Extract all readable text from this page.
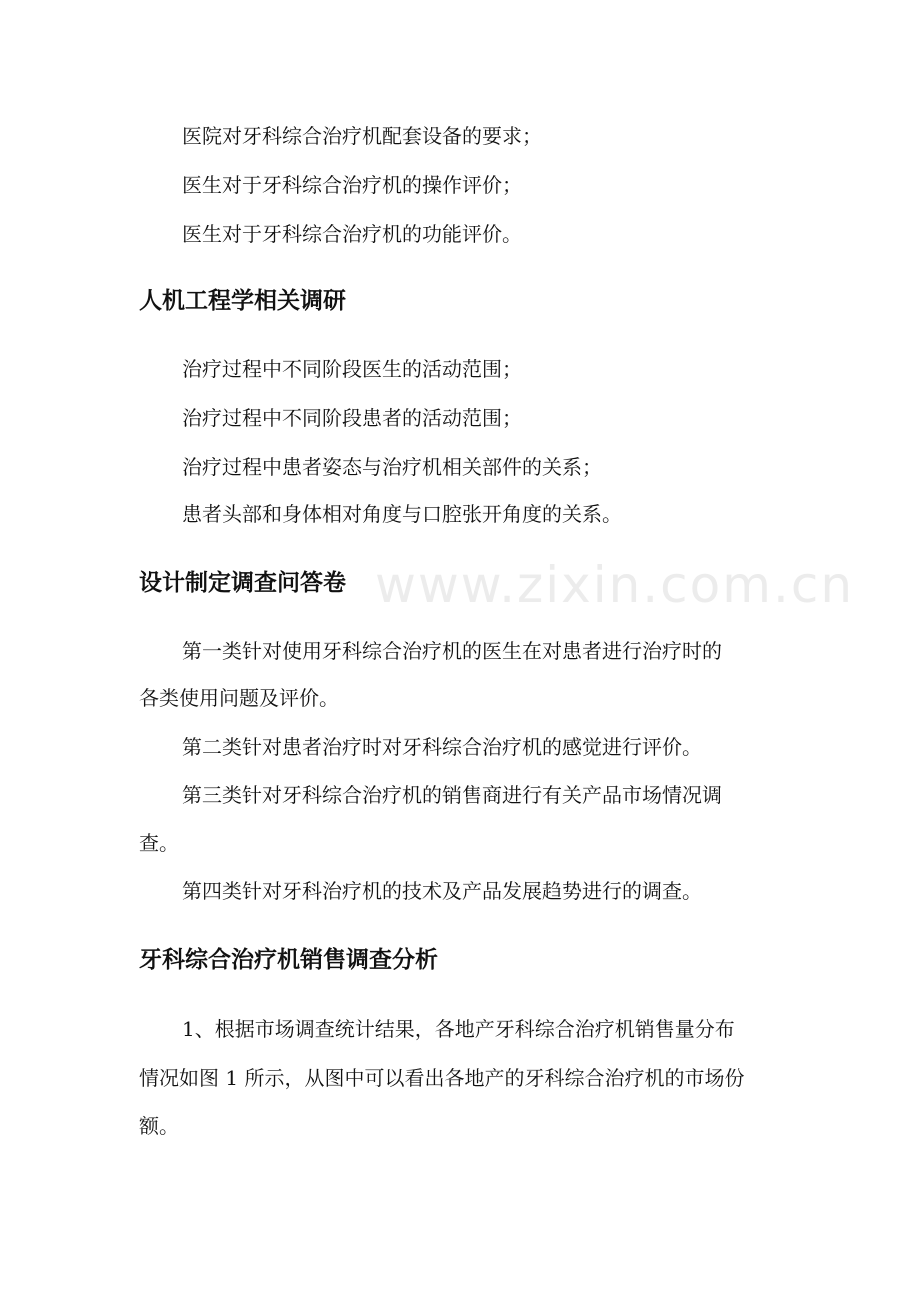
www.zixin.com.cn

医院对牙科综合治疗机配套设备的要求；

医生对于牙科综合治疗机的操作评价；

医生对于牙科综合治疗机的功能评价。

人机工程学相关调研

治疗过程中不同阶段医生的活动范围；

治疗过程中不同阶段患者的活动范围；

治疗过程中患者姿态与治疗机相关部件的关系；

患者头部和身体相对角度与口腔张开角度的关系。

设计制定调查问答卷

第一类针对使用牙科综合治疗机的医生在对患者进行治疗时的

各类使用问题及评价。

第二类针对患者治疗时对牙科综合治疗机的感觉进行评价。

第三类针对牙科综合治疗机的销售商进行有关产品市场情况调

查。

第四类针对牙科治疗机的技术及产品发展趋势进行的调查。

牙科综合治疗机销售调查分析

1、根据市场调查统计结果，各地产牙科综合治疗机销售量分布

情况如图 1 所示，从图中可以看出各地产的牙科综合治疗机的市场份

额。
